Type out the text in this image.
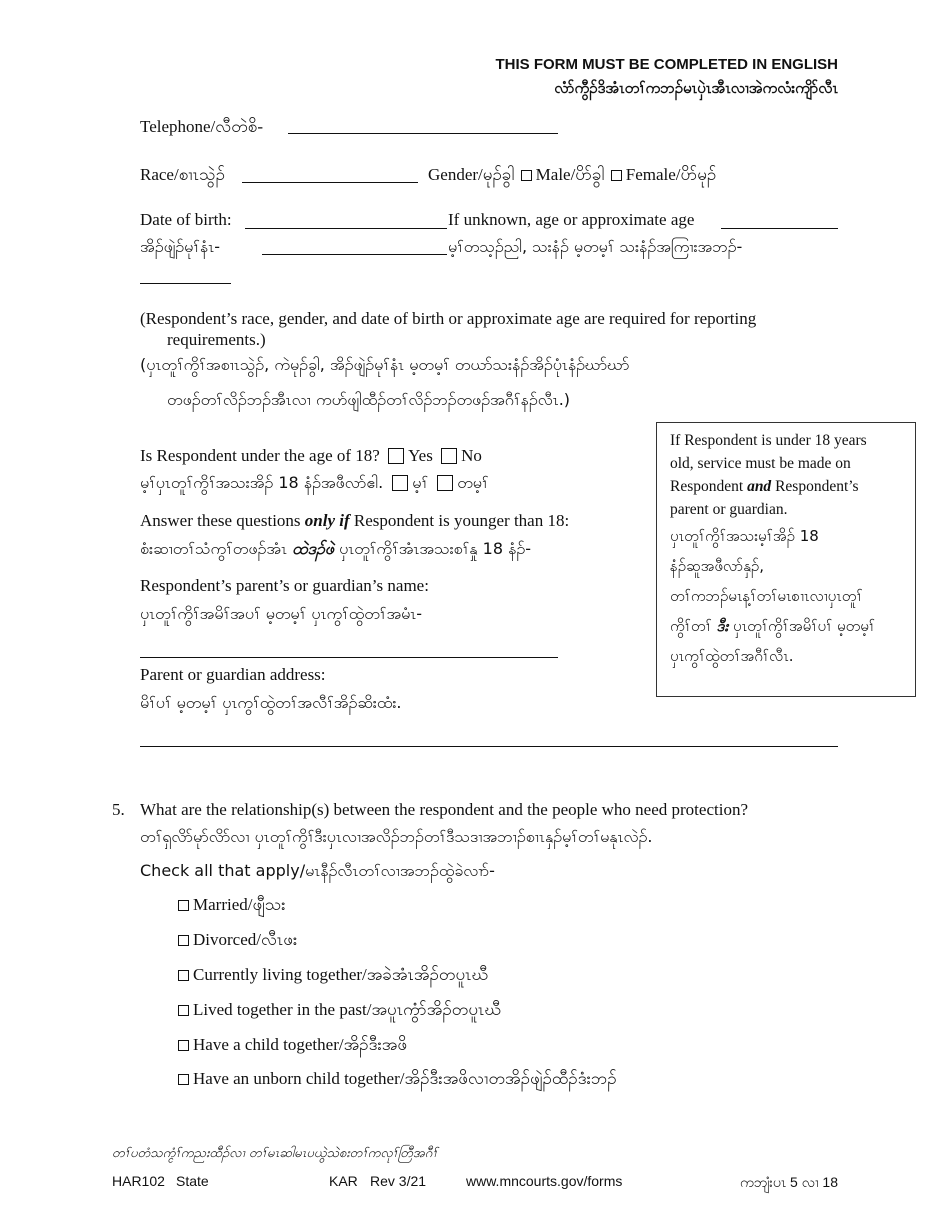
THIS FORM MUST BE COMPLETED IN ENGLISH
လံာ်ကွီၣ်ဒိအံၤတၢ်ကဘၣ်မၤပှဲၤအီၤလၢအဲကလံးကျိာ်လီၤ
Telephone/လီတဲစိ-
Race/စၢၤသွဲၣ်	Gender/မုၣ်ခွါ Male/ပိာ်ခွါ Female/ပိာ်မုၣ်
Date of birth:	If unknown, age or approximate age
အိၣ်ဖျဲၣ်မုၢ်နံၤ-	မ့ၢ်တသ့ၣ်ညါ, သးနံၣ် မ့တမ့ၢ် သးနံၣ်အကြၢးအဘၣ်-
(Respondent’s race, gender, and date of birth or approximate age are required for reporting
requirements.)
(ပှၤတူၢ်ကွိၢ်အစၢၤသွဲၣ်, ကဲမုၣ်ခွါ, အိၣ်ဖျဲၣ်မုၢ်နံၤ မ့တမ့ၢ် တယာ်သးနံၣ်အိၣ်ပုံၤနံၣ်ဃာ်ဃာ်
တဖၣ်တၢ်လိၣ်ဘၣ်အီၤလၢ ကဟ်ဖျါထီၣ်တၢ်လိၣ်ဘၣ်တဖၣ်အဂီၢ်နၣ်လီၤ.)
Is Respondent under the age of 18? Yes No
မ့ၢ်ပှၤတူၢ်ကွိၢ်အသးအိၣ် 18 နံၣ်အဖီလာ်ဧါ. မ့ၢ် တမ့ၢ်
Answer these questions only if Respondent is younger than 18:
စံးဆၢတၢ်သံကွၢ်တဖၣ်အံၤ ထဲဒၣ်ဖဲ ပှၤတူၢ်ကွိၢ်အံၤအသးစၢ်နှု 18 နံၣ်-
Respondent’s parent’s or guardian’s name:
ပှၤတူၢ်ကွိၢ်အမိၢ်အပၢ် မ့တမ့ၢ် ပှၤကွၢ်ထွဲတၢ်အမံၤ-
Parent or guardian address:
မိၢ်ပၢ် မ့တမ့ၢ် ပှၤကွၢ်ထွဲတၢ်အလီၢ်အိၣ်ဆိးထံး.
If Respondent is under 18 years
old, service must be made on
Respondent and Respondent’s
parent or guardian.
ပှၤတူၢ်ကွိၢ်အသးမ့ၢ်အိၣ် 18
နံၣ်ဆူအဖီလာ်နှၣ်,
တၢ်ကဘၣ်မၤန့ၢ်တၢ်မၤစၢၤလၢပှၤတူၢ်
ကွိၢ်တၢ် ဒီး ပှၤတူၢ်ကွိၢ်အမိၢ်ပၢ် မ့တမ့ၢ်
ပှၤကွၢ်ထွဲတၢ်အဂီၢ်လီၤ.
5. What are the relationship(s) between the respondent and the people who need protection?
တၢ်ရှလိာ်မုာ်လိာ်လၢ ပှၤတူၢ်ကွိၢ်ဒီးပှၤလၢအလိၣ်ဘၣ်တၢ်ဒီသဒၢအဘၢၣ်စၢၤနှၣ်မ့ၢ်တၢ်မနုၤလဲၣ်.
Check all that apply/မၤနီၣ်လီၤတၢ်လၢအဘၣ်ထွဲခဲလၢာ်-
Married/ဖျီသး
Divorced/လီၤဖး
Currently living together/အခဲအံၤအိၣ်တပူၤဃီ
Lived together in the past/အပူၤကွံာ်အိၣ်တပူၤဃီ
Have a child together/အိၣ်ဒီးအဖိ
Have an unborn child together/အိၣ်ဒီးအဖိလၢတအိၣ်ဖျဲၣ်ထီၣ်ဒံးဘၣ်
တၢ်ပတံသက္ငံၢ်ကညးထီၣ်လၢ တၢ်မၤဆါမၤပယွဲသဲစးတၢ်ကလုၢ်တြီအဂီၢ်
HAR102 State	KAR Rev 3/21	www.mncourts.gov/forms	ကဘျံးပၤ 5 လၢ 18
